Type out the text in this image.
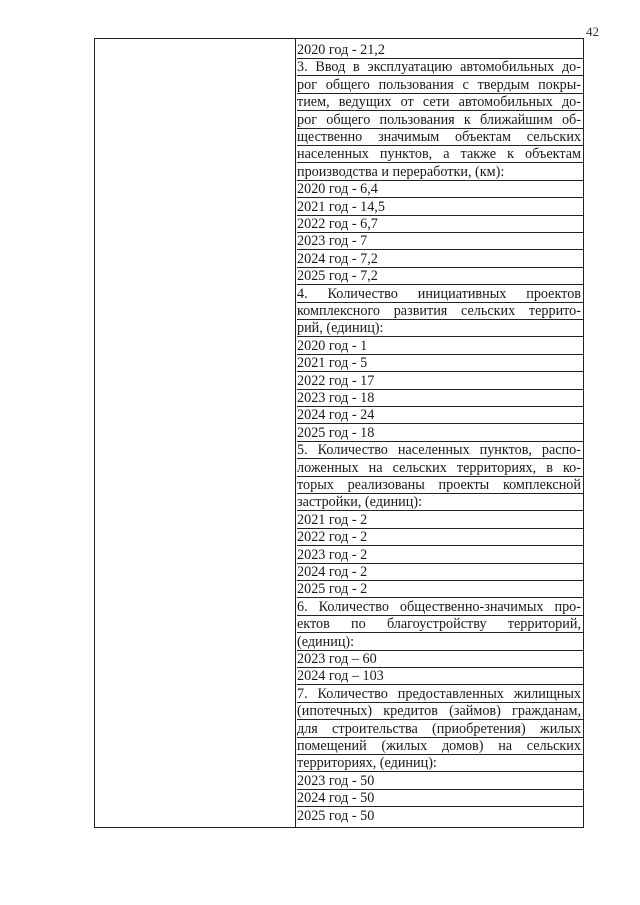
42
2020 год - 21,2
3. Ввод в эксплуатацию автомобильных до-
рог общего пользования с твердым покры-
тием, ведущих от сети автомобильных до-
рог общего пользования к ближайшим об-
щественно значимым объектам сельских
населенных пунктов, а также к объектам
производства и переработки, (км):
2020 год - 6,4
2021 год - 14,5
2022 год - 6,7
2023 год - 7
2024 год - 7,2
2025 год - 7,2
4. Количество инициативных проектов
комплексного развития сельских террито-
рий, (единиц):
2020 год - 1
2021 год - 5
2022 год - 17
2023 год - 18
2024 год - 24
2025 год - 18
5. Количество населенных пунктов, распо-
ложенных на сельских территориях, в ко-
торых реализованы проекты комплексной
застройки, (единиц):
2021 год - 2
2022 год - 2
2023 год - 2
2024 год - 2
2025 год - 2
6. Количество общественно-значимых про-
ектов по благоустройству территорий,
(единиц):
2023 год – 60
2024 год – 103
7. Количество предоставленных жилищных
(ипотечных) кредитов (займов) гражданам,
для строительства (приобретения) жилых
помещений (жилых домов) на сельских
территориях, (единиц):
2023 год - 50
2024 год - 50
2025 год - 50
